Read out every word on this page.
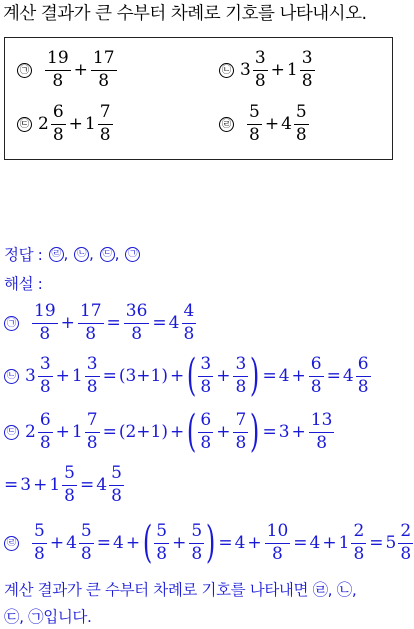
계산 결과가 큰 수부터 차례로 기호를 나타내시오.
㉠ $\frac{19}{8} + \frac{17}{8}$	㉡ $3 \frac{3}{8} + 1 \frac{3}{8}$
㉢ $2 \frac{6}{8} + 1 \frac{7}{8}$	㉣ $\frac{5}{8} + 4 \frac{5}{8}$
정답 : ㉣ , ㉡ , ㉢ , ㉠
해설 :
㉠ $\frac{19}{8} + \frac{17}{8} = \frac{36}{8} = 4 \frac{4}{8}$
㉡ $3 \frac{3}{8} + 1 \frac{3}{8} = (3+1)$ + ( $\frac{3}{8} + \frac{3}{8}$ ) = $4 + \frac{6}{8} = 4 \frac{6}{8}$
㉢ $2 \frac{6}{8} + 1 \frac{7}{8} = (2+1)$ + ( $\frac{6}{8} + \frac{7}{8}$ ) = $3 + \frac{13}{8}$
= $3 + 1 \frac{5}{8} = 4 \frac{5}{8}$
㉣ $\frac{5}{8} + 4 \frac{5}{8} = 4$ + ( $\frac{5}{8} + \frac{5}{8}$ ) = $4 + \frac{10}{8} = 4 + 1 \frac{2}{8} = 5 \frac{2}{8}$
계산 결과가 큰 수부터 차례로 기호를 나타내면 ㉣, ㉡,
㉢, ㉠입니다.
